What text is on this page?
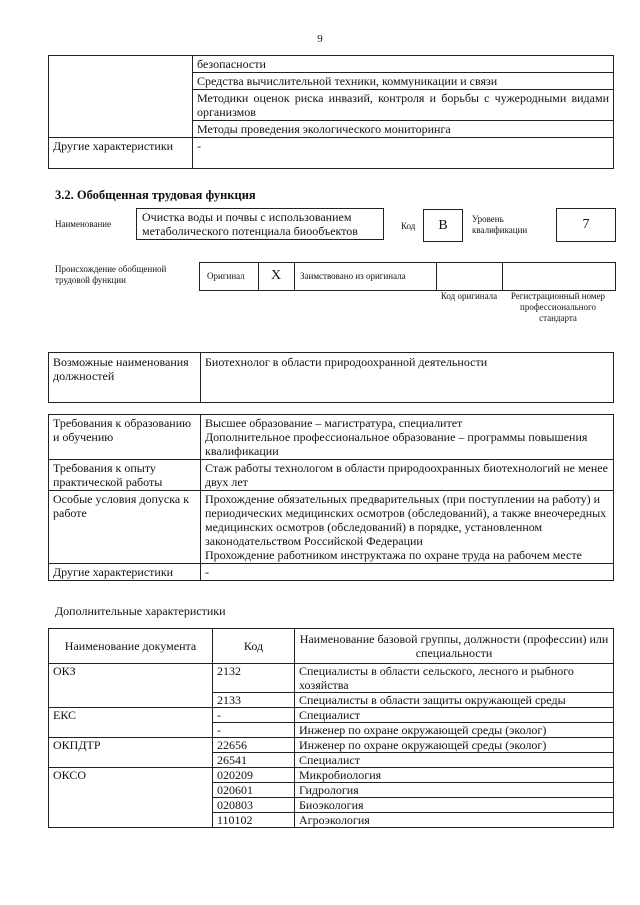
9
	безопасности
	Средства вычислительной техники, коммуникации и связи
	Методики оценок риска инвазий, контроля и борьбы с чужеродными видами организмов
	Методы проведения экологического мониторинга
Другие характеристики	-
3.2. Обобщенная трудовая функция
Наименование	Очистка воды и почвы с использованием метаболического потенциала биообъектов	Код	B	Уровень квалификации	7
Происхождение обобщенной трудовой функции	Оригинал	X	Заимствовано из оригинала
Код оригинала	Регистрационный номер профессионального стандарта
Возможные наименования должностей	Биотехнолог в области природоохранной деятельности
Требования к образованию и обучению	Высшее образование – магистратура, специалитет
Дополнительное профессиональное образование – программы повышения квалификации

Требования к опыту практической работы	Стаж работы технологом в области природоохранных биотехнологий не менее двух лет
Особые условия допуска к работе	Прохождение обязательных предварительных (при поступлении на работу) и периодических медицинских осмотров (обследований), а также внеочередных медицинских осмотров (обследований) в порядке, установленном законодательством Российской Федерации
Прохождение работником инструктажа по охране труда на рабочем месте

Другие характеристики	-
Дополнительные характеристики
Наименование документа	Код	Наименование базовой группы, должности (профессии) или специальности
ОКЗ	2132	Специалисты в области сельского, лесного и рыбного хозяйства
	2133	Специалисты в области защиты окружающей среды
ЕКС	-	Специалист
	-	Инженер по охране окружающей среды (эколог)
ОКПДТР	22656	Инженер по охране окружающей среды (эколог)
	26541	Специалист
ОКСО	020209	Микробиология
	020601	Гидрология
	020803	Биоэкология
	110102	Агроэкология
